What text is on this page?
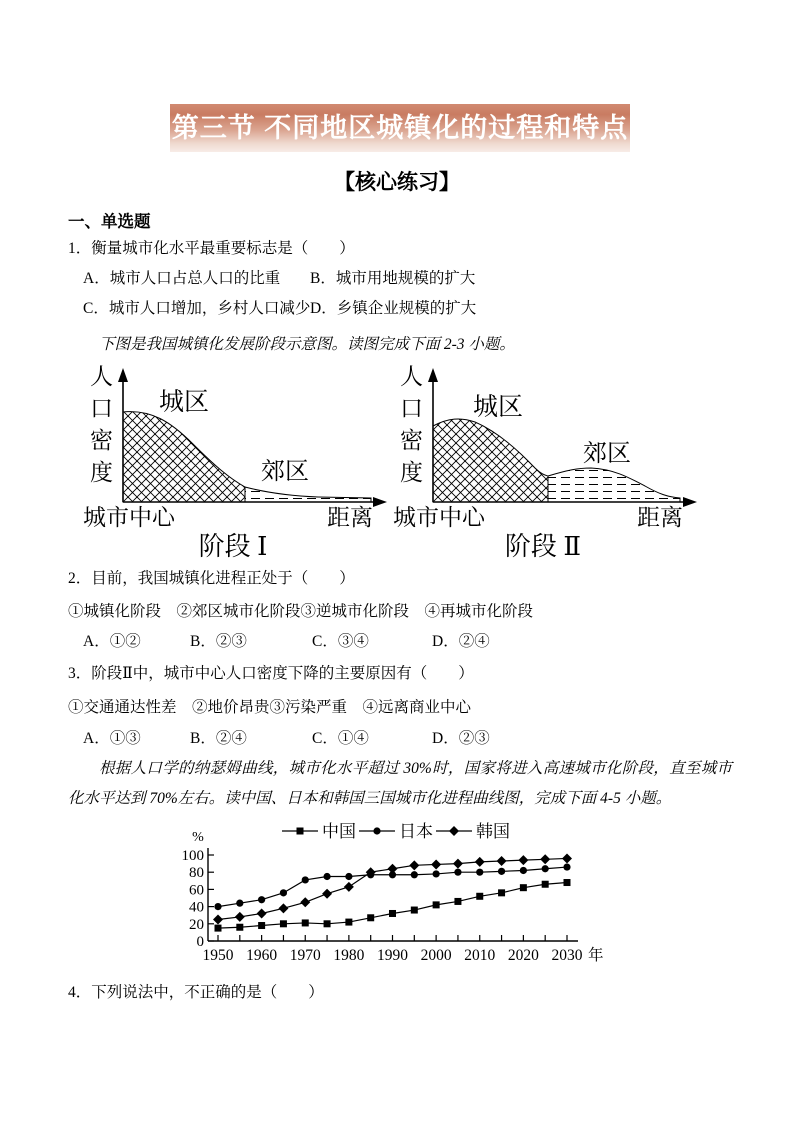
第三节 不同地区城镇化的过程和特点
【核心练习】
一、单选题
1．衡量城市化水平最重要标志是（　　）
A．城市人口占总人口的比重 B．城市用地规模的扩大
C．城市人口增加，乡村人口减少D．乡镇企业规模的扩大
下图是我国城镇化发展阶段示意图。读图完成下面 2-3 小题。
人口密度 城区
郊区
城市中心	距离
阶段 Ⅰ
人口密度 城区
郊区
城市中心	距离
阶段 Ⅱ
2．目前，我国城镇化进程正处于（　　）
①城镇化阶段　②郊区城市化阶段③逆城市化阶段　④再城市化阶段
A．①②	B．②③	C．③④	D．②④
3．阶段Ⅱ中，城市中心人口密度下降的主要原因有（　　）
①交通通达性差　②地价昂贵③污染严重　④远离商业中心
A．①③	B．②④	C．①④	D．②③
根据人口学的纳瑟姆曲线，城市化水平超过 30%时，国家将进入高速城市化阶段，直至城市化水平达到 70%左右。读中国、日本和韩国三国城市化进程曲线图，完成下面 4-5 小题。
0
20
40
60
80
100
%
1950 1960 1970 1980 1990 2000 2010 2020 2030 年
中国	日本	韩国
4．下列说法中，不正确的是（　　）
